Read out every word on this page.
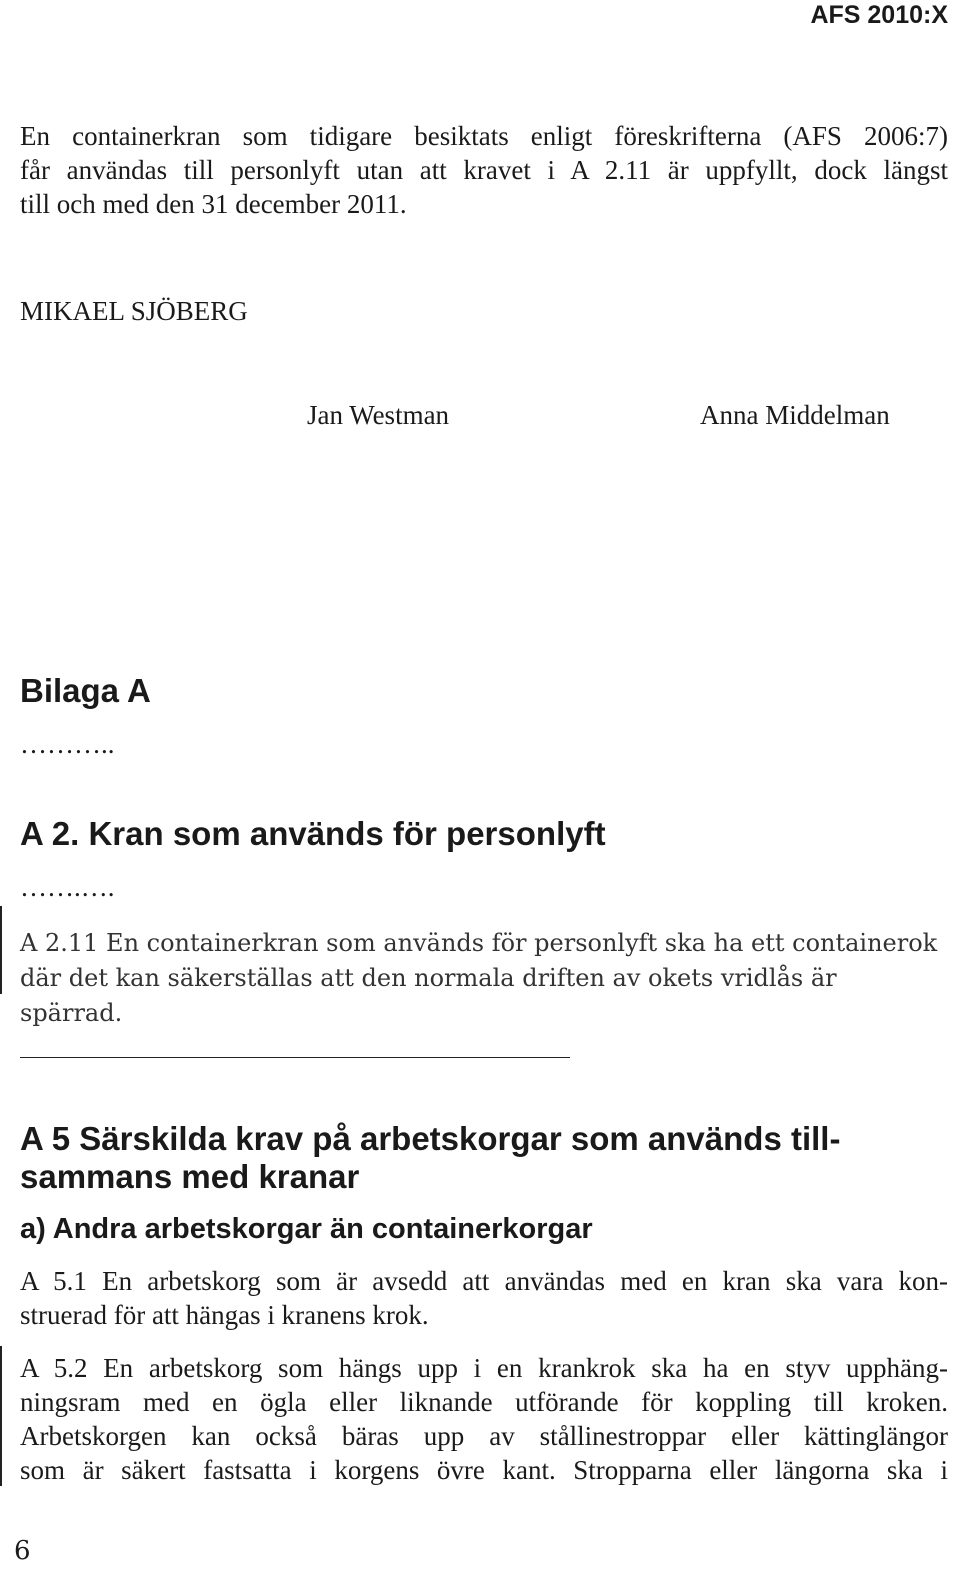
AFS 2010:X
En containerkran som tidigare besiktats enligt föreskrifterna (AFS 2006:7)
får användas till personlyft utan att kravet i A 2.11 är uppfyllt, dock längst
till och med den 31 december 2011.
MIKAEL SJÖBERG
Jan Westman	Anna Middelman
Bilaga A
………..
A 2. Kran som används för personlyft
…….….
A 2.11 En containerkran som används för personlyft ska ha ett containerok
där det kan säkerställas att den normala driften av okets vridlås är spärrad.
A 5 Särskilda krav på arbetskorgar som används till-
sammans med kranar
a) Andra arbetskorgar än containerkorgar
A 5.1 En arbetskorg som är avsedd att användas med en kran ska vara kon-
struerad för att hängas i kranens krok.
A 5.2 En arbetskorg som hängs upp i en krankrok ska ha en styv upphäng-
ningsram med en ögla eller liknande utförande för koppling till kroken.
Arbetskorgen kan också bäras upp av stållinestroppar eller kättinglängor
som är säkert fastsatta i korgens övre kant. Stropparna eller längorna ska i
6
